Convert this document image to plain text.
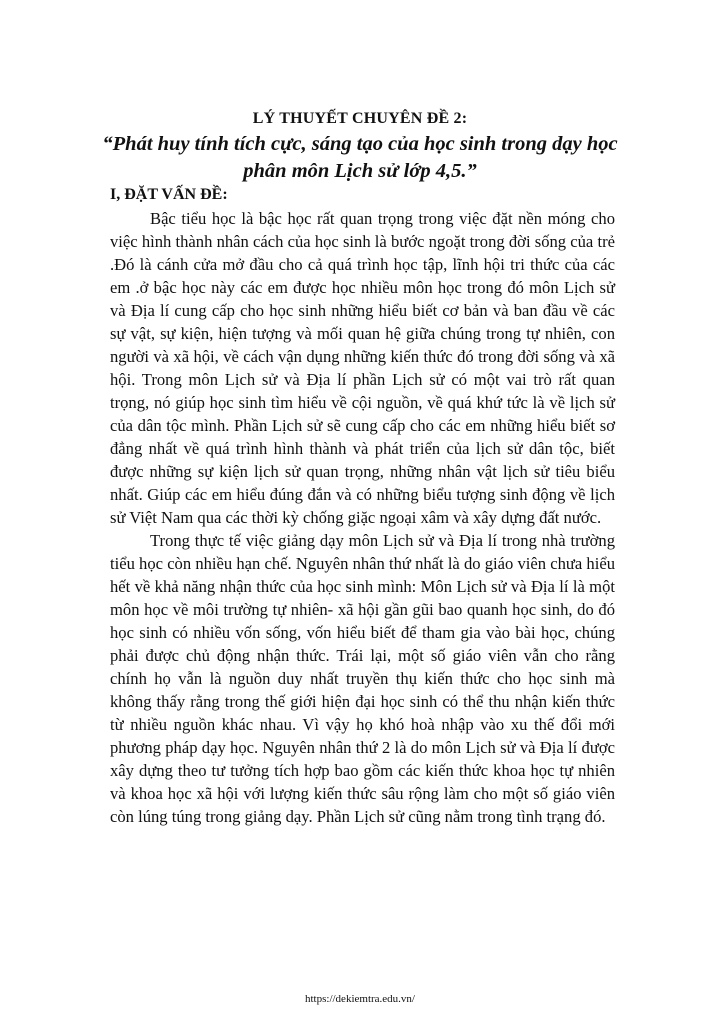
LÝ THUYẾT CHUYÊN ĐỀ 2:
“Phát huy tính tích cực, sáng tạo của học sinh trong dạy học
phân môn Lịch sử lớp 4,5.”
I, ĐẶT VẤN ĐỀ:

Bậc tiểu học là bậc học rất quan trọng trong việc đặt nền móng cho việc hình thành nhân cách của học sinh là bước ngoặt trong đời sống của trẻ .Đó là cánh cửa mở đầu cho cả quá trình học tập, lĩnh hội tri thức của các em .ở bậc học này các em được học nhiều môn học trong đó môn Lịch sử và Địa lí cung cấp cho học sinh những hiểu biết cơ bản và ban đầu về các sự vật, sự kiện, hiện tượng và mối quan hệ giữa chúng trong tự nhiên, con người và xã hội, về cách vận dụng những kiến thức đó trong đời sống và xã hội. Trong môn Lịch sử và Địa lí phần Lịch sử có một vai trò rất quan trọng, nó giúp học sinh tìm hiểu về cội nguồn, về quá khứ tức là về lịch sử của dân tộc mình. Phần Lịch sử sẽ cung cấp cho các em những hiểu biết sơ đẳng nhất về quá trình hình thành và phát triển của lịch sử dân tộc, biết được những sự kiện lịch sử quan trọng, những nhân vật lịch sử tiêu biểu nhất. Giúp các em hiểu đúng đắn và có những biểu tượng sinh động về lịch sử Việt Nam qua các thời kỳ chống giặc ngoại xâm và xây dựng đất nước.

Trong thực tế việc giảng dạy môn Lịch sử và Địa lí trong nhà trường tiểu học còn nhiều hạn chế. Nguyên nhân thứ nhất là do giáo viên chưa hiểu hết về khả năng nhận thức của học sinh mình: Môn Lịch sử và Địa lí là một môn học về môi trường tự nhiên- xã hội gần gũi bao quanh học sinh, do đó học sinh có nhiều vốn sống, vốn hiểu biết để tham gia vào bài học, chúng phải được chủ động nhận thức. Trái lại, một số giáo viên vẫn cho rằng chính họ vẫn là nguồn duy nhất truyền thụ kiến thức cho học sinh mà không thấy rằng trong thế giới hiện đại học sinh có thể thu nhận kiến thức từ nhiều nguồn khác nhau. Vì vậy họ khó hoà nhập vào xu thế đổi mới phương pháp dạy học. Nguyên nhân thứ 2 là do môn Lịch sử và Địa lí được xây dựng theo tư tưởng tích hợp bao gồm các kiến thức khoa học tự nhiên và khoa học xã hội với lượng kiến thức sâu rộng làm cho một số giáo viên còn lúng túng trong giảng dạy. Phần Lịch sử cũng nằm trong tình trạng đó.

https://dekiemtra.edu.vn/
